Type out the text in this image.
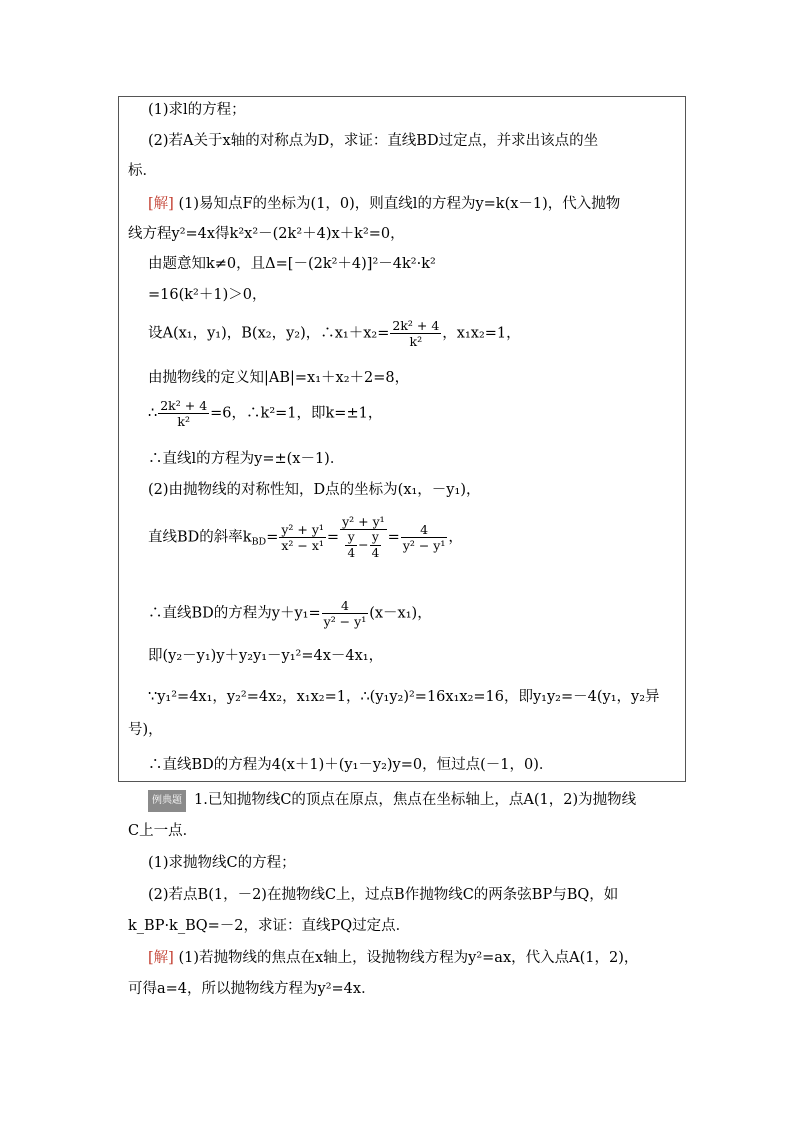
(1)求l的方程；
(2)若A关于x轴的对称点为D，求证：直线BD过定点，并求出该点的坐
标．
[解] (1)易知点F的坐标为(1，0)，则直线l的方程为y=k(x－1)，代入抛物
线方程y²=4x得k²x²－(2k²＋4)x＋k²=0，
由题意知k≠0，且Δ=[－(2k²＋4)]²－4k²·k²
=16(k²＋1)＞0，
设A(x₁，y₁)，B(x₂，y₂)，∴x₁＋x₂= $\frac{\text{2k² + 4}}{\text{k²}}$ ，x₁x₂=1，
由抛物线的定义知|AB|=x₁＋x₂＋2=8，
∴ $\frac{\text{2k² + 4}}{\text{k²}} =6$，∴k²=1，即k=±1，
∴直线l的方程为y=±(x－1)．
(2)由抛物线的对称性知，D点的坐标为(x₁，－y₁)，
直线BD的斜率$k_{BD}= \frac{\text{y² + y¹}}{\text{x² − x¹}} = \frac{\text{y² + y¹}}{\frac{y}{4} - \frac{y}{4}} = \frac{4}{\text{y² − y¹}}$ ，
∴直线BD的方程为$y+y_1= \frac{4}{\text{y² − y¹}} (x-x_1)$，
即(y₂－y₁)y＋y₂y₁－y₁²=4x－4x₁，
∵y₁²=4x₁，y₂²=4x₂，x₁x₂=1，∴(y₁y₂)²=16x₁x₂=16，即y₁y₂=－4(y₁，y₂异
号)，
∴直线BD的方程为4(x＋1)＋(y₁－y₂)y=0，恒过点(－1，0)．
例典题 1.已知抛物线C的顶点在原点，焦点在坐标轴上，点A(1，2)为抛物线
C上一点．
(1)求抛物线C的方程；
(2)若点B(1，－2)在抛物线C上，过点B作抛物线C的两条弦BP与BQ，如
k_BP·k_BQ=－2，求证：直线PQ过定点．
[解] (1)若抛物线的焦点在x轴上，设抛物线方程为y²=ax，代入点A(1，2)，
可得a=4，所以抛物线方程为y²=4x．
